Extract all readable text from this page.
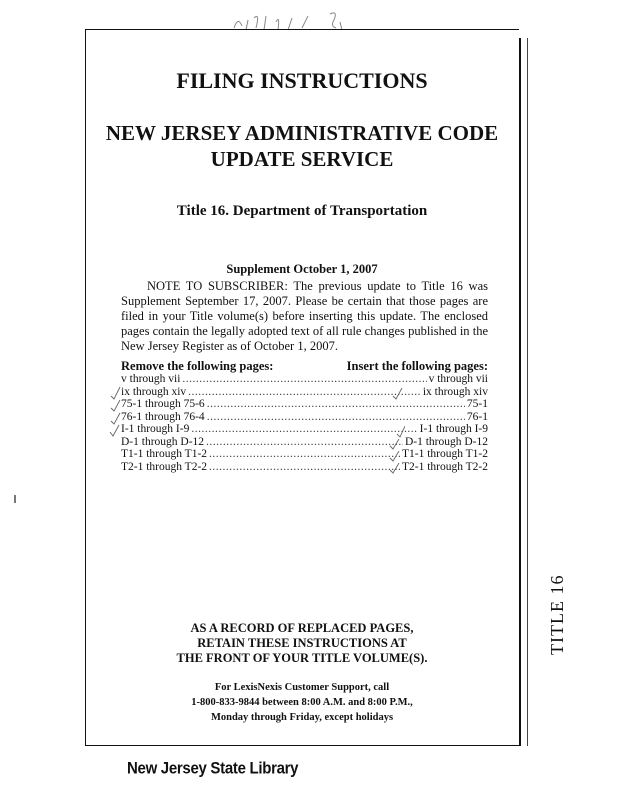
TITLE 16
FILING INSTRUCTIONS
NEW JERSEY ADMINISTRATIVE CODE
UPDATE SERVICE
Title 16. Department of Transportation
Supplement October 1, 2007
NOTE TO SUBSCRIBER: The previous update to Title 16 was Supplement September 17, 2007. Please be certain that those pages are filed in your Title volume(s) before inserting this update. The enclosed pages contain the legally adopted text of all rule changes published in the New Jersey Register as of October 1, 2007.
Remove the following pages:	Insert the following pages:
v through vii .....	v through vii
ix through xiv .....	ix through xiv
75-1 through 75-6 .....	75-1
76-1 through 76-4 .....	76-1
I-1 through I-9 .....	I-1 through I-9
D-1 through D-12 .....	D-1 through D-12
T1-1 through T1-2 .....	T1-1 through T1-2
T2-1 through T2-2 .....	T2-1 through T2-2
AS A RECORD OF REPLACED PAGES,
RETAIN THESE INSTRUCTIONS AT
THE FRONT OF YOUR TITLE VOLUME(S).
For LexisNexis Customer Support, call
1-800-833-9844 between 8:00 A.M. and 8:00 P.M.,
Monday through Friday, except holidays
New Jersey State Library
